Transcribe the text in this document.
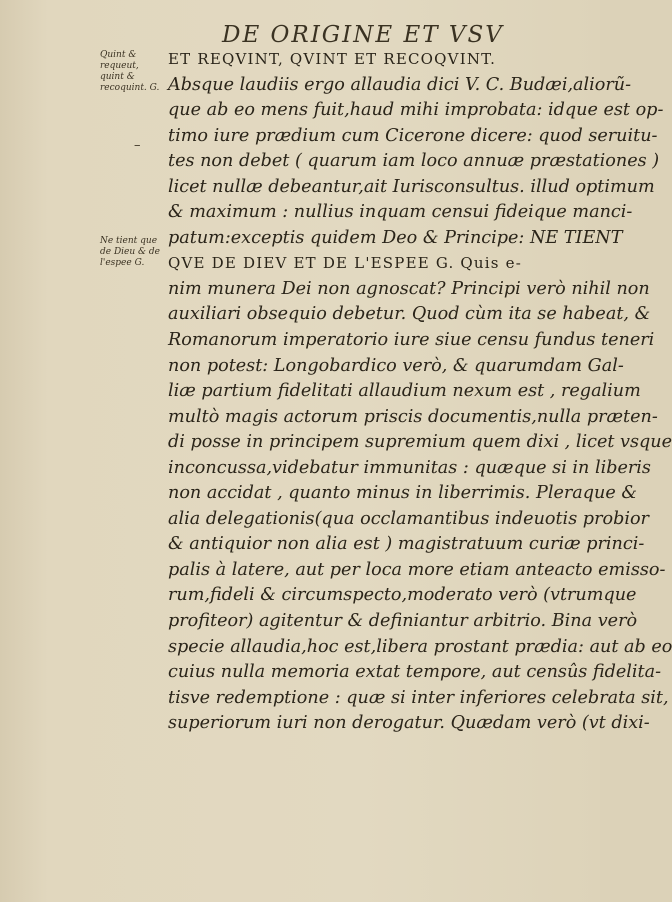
DE ORIGINE ET VSV
Quint & requeut, quint & recoquint. G.
Ne tient que de Dieu & de l'espee G.
–
ET REQVINT, QVINT ET RECOQVINT.
Absque laudiis ergo allaudia dici V. C. Budæi,aliorũ-
que ab eo mens fuit,haud mihi improbata: idque est op-
timo iure prædium cum Cicerone dicere: quod seruitu-
tes non debet ( quarum iam loco annuæ præstationes )
licet nullæ debeantur,ait Iurisconsultus. illud optimum
& maximum : nullius inquam censui fideique manci-
patum:exceptis quidem Deo & Principe: NE TIENT
QVE DE DIEV ET DE L'ESPEE G. Quis e-
nim munera Dei non agnoscat? Principi verò nihil non
auxiliari obsequio debetur. Quod cùm ita se habeat, &
Romanorum imperatorio iure siue censu fundus teneri
non potest: Longobardico verò, & quarumdam Gal-
liæ partium fidelitati allaudium nexum est , regalium
multò magis actorum priscis documentis,nulla præten-
di posse in principem supremium quem dixi , licet vsque
inconcussa,videbatur immunitas : quæque si in liberis
non accidat , quanto minus in liberrimis. Pleraque &
alia delegationis(qua occlamantibus indeuotis probior
& antiquior non alia est ) magistratuum curiæ princi-
palis à latere, aut per loca more etiam anteacto emisso-
rum,fideli & circumspecto,moderato verò (vtrumque
profiteor) agitentur & definiantur arbitrio. Bina verò
specie allaudia,hoc est,libera prostant prædia: aut ab eo
cuius nulla memoria extat tempore, aut censûs fidelita-
tisve redemptione : quæ si inter inferiores celebrata sit,
superiorum iuri non derogatur. Quædam verò (vt dixi-
